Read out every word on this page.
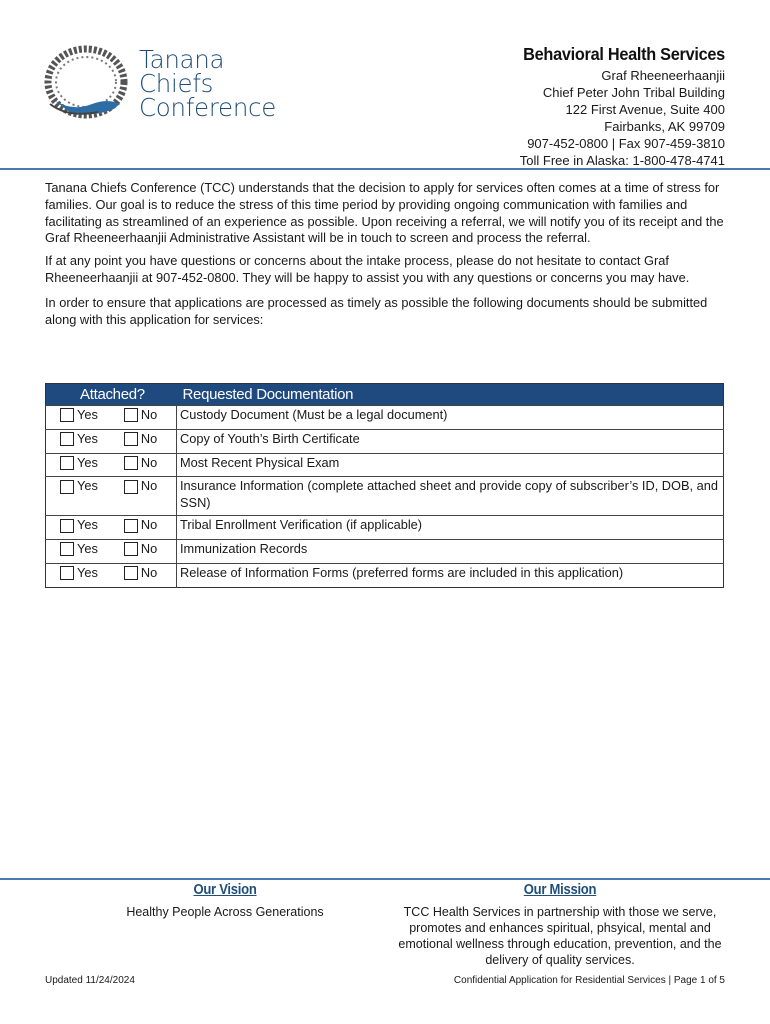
Tanana
Chiefs
Conference
Behavioral Health Services
Graf Rheeneerhaanjii
Chief Peter John Tribal Building
122 First Avenue, Suite 400
Fairbanks, AK 99709
907-452-0800 | Fax 907-459-3810
Toll Free in Alaska: 1-800-478-4741

Tanana Chiefs Conference (TCC) understands that the decision to apply for services often comes at a time of stress for families. Our goal is to reduce the stress of this time period by providing ongoing communication with families and facilitating as streamlined of an experience as possible. Upon receiving a referral, we will notify you of its receipt and the Graf Rheeneerhaanjii Administrative Assistant will be in touch to screen and process the referral.

If at any point you have questions or concerns about the intake process, please do not hesitate to contact Graf Rheeneerhaanjii at 907-452-0800. They will be happy to assist you with any questions or concerns you may have.

In order to ensure that applications are processed as timely as possible the following documents should be submitted along with this application for services:

Attached?	Requested Documentation

Yes No	Custody Document (Must be a legal document)

Yes No	Copy of Youth’s Birth Certificate

Yes No	Most Recent Physical Exam

Yes No	Insurance Information (complete attached sheet and provide copy of subscriber’s ID, DOB, and SSN)

Yes No	Tribal Enrollment Verification (if applicable)

Yes No	Immunization Records

Yes No	Release of Information Forms (preferred forms are included in this application)
Our Vision
Healthy People Across Generations
Our Mission
TCC Health Services in partnership with those we serve, promotes and enhances spiritual, phsyical, mental and emotional wellness through education, prevention, and the delivery of quality services.
Updated 11/24/2024	Confidential Application for Residential Services | Page 1 of 5
